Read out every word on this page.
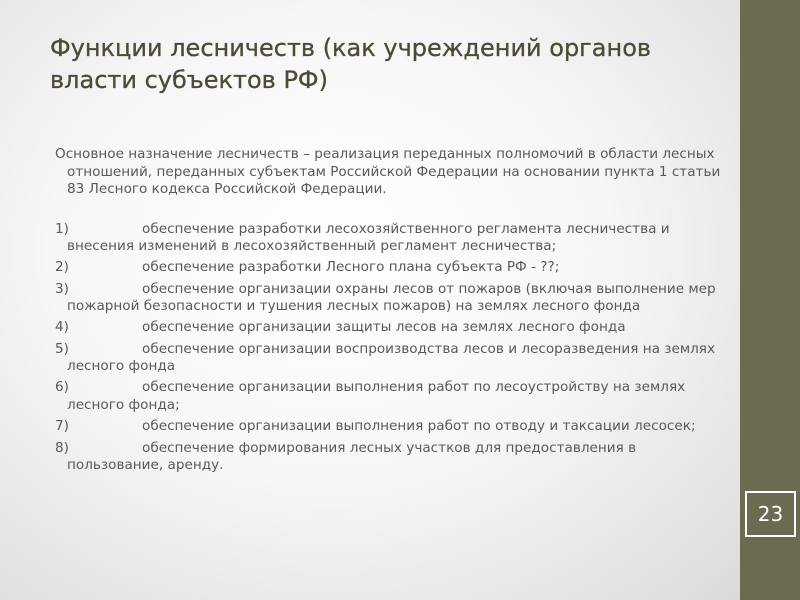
Функции лесничеств (как учреждений органов власти субъектов РФ)

Основное назначение лесничеств – реализация переданных полномочий в области лесных отношений, переданных субъектам Российской Федерации на основании пункта 1 статьи 83 Лесного кодекса Российской Федерации.

1)	обеспечение разработки лесохозяйственного регламента лесничества и внесения изменений в лесохозяйственный регламент лесничества;
2)	обеспечение разработки Лесного плана субъекта РФ - ??;
3)	обеспечение организации охраны лесов от пожаров (включая выполнение мер пожарной безопасности и тушения лесных пожаров) на землях лесного фонда
4)	обеспечение организации защиты лесов на землях лесного фонда
5)	обеспечение организации воспроизводства лесов и лесоразведения на землях лесного фонда
6)	обеспечение организации выполнения работ по лесоустройству на землях лесного фонда;
7)	обеспечение организации выполнения работ по отводу и таксации лесосек;
8)	обеспечение формирования лесных участков для предоставления в пользование, аренду.
23
